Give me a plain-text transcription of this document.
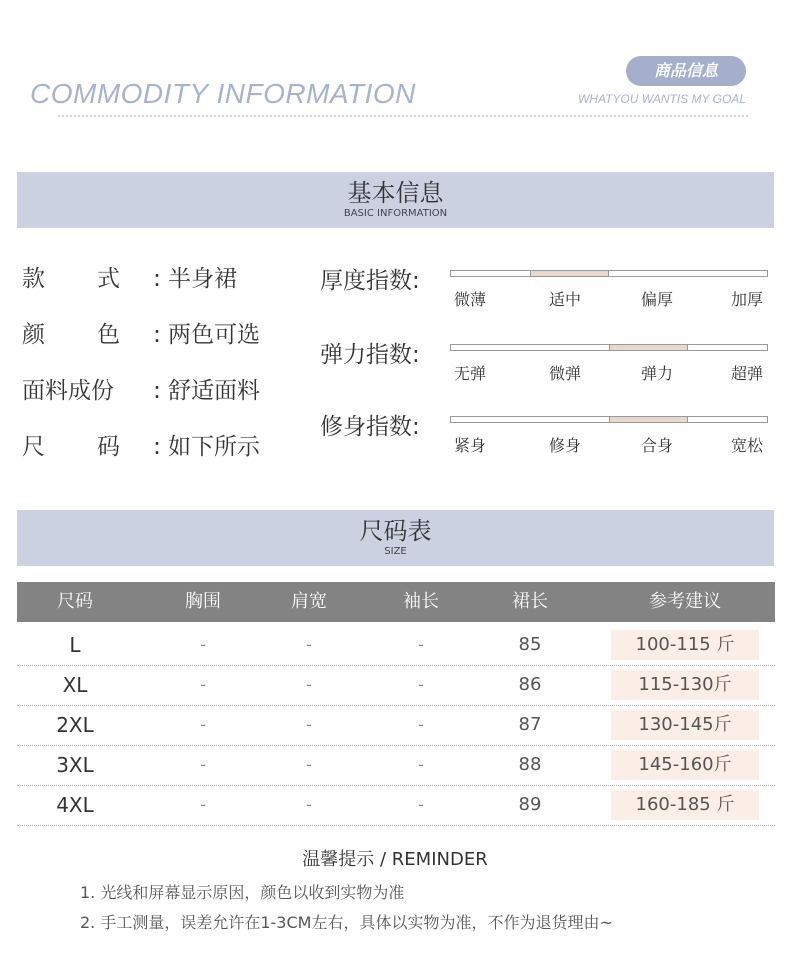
COMMODITY INFORMATION
商品信息
WHATYOU WANTIS MY GOAL
基本信息
BASIC INFORMATION
款 式 : 半身裙
颜 色 : 两色可选
面料成份 : 舒适面料
尺 码 : 如下所示
厚度指数:
微薄	适中	偏厚	加厚
弹力指数:
无弹	微弹	弹力	超弹
修身指数:
紧身	修身	合身	宽松
尺码表
SIZE
尺码	胸围	肩宽	袖长	裙长	参考建议
L	-	-	-	85	100-115 斤
XL	-	-	-	86	115-130斤
2XL	-	-	-	87	130-145斤
3XL	-	-	-	88	145-160斤
4XL	-	-	-	89	160-185 斤
温馨提示 / REMINDER
1. 光线和屏幕显示原因，颜色以收到实物为准
2. 手工测量，误差允许在1-3CM左右，具体以实物为准，不作为退货理由~
